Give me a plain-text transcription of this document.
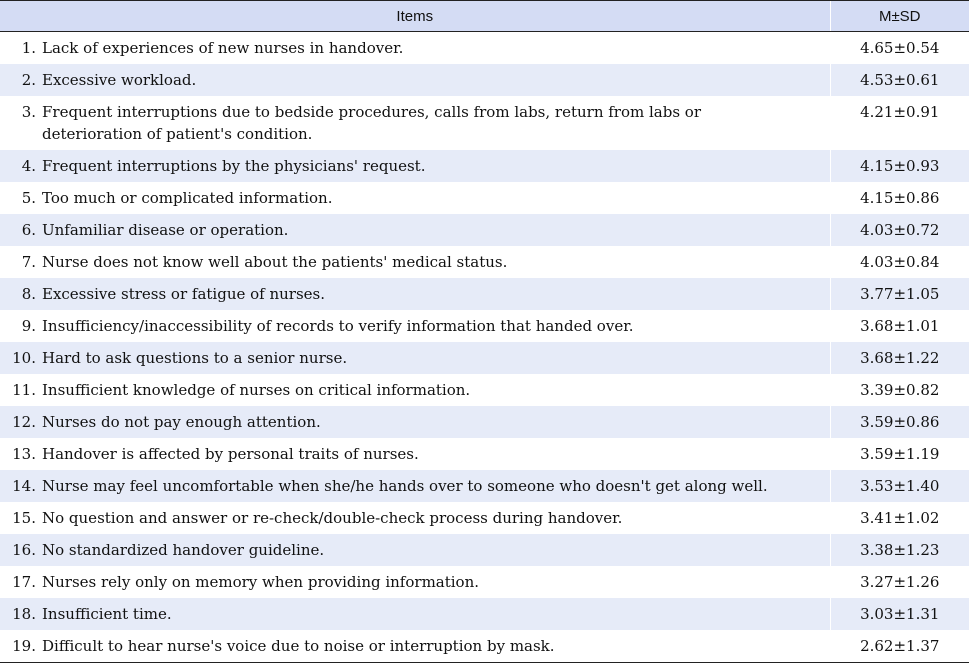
Items	M±SD

1. Lack of experiences of new nurses in handover.	4.65±0.54

2. Excessive workload.	4.53±0.61

3. Frequent interruptions due to bedside procedures, calls from labs, return from labs or deterioration of patient's condition.	4.21±0.91

4. Frequent interruptions by the physicians' request.	4.15±0.93

5. Too much or complicated information.	4.15±0.86

6. Unfamiliar disease or operation.	4.03±0.72

7. Nurse does not know well about the patients' medical status.	4.03±0.84

8. Excessive stress or fatigue of nurses.	3.77±1.05

9. Insufficiency/inaccessibility of records to verify information that handed over.	3.68±1.01

10. Hard to ask questions to a senior nurse.	3.68±1.22

11. Insufficient knowledge of nurses on critical information.	3.39±0.82

12. Nurses do not pay enough attention.	3.59±0.86

13. Handover is affected by personal traits of nurses.	3.59±1.19

14. Nurse may feel uncomfortable when she/he hands over to someone who doesn't get along well.	3.53±1.40

15. No question and answer or re-check/double-check process during handover.	3.41±1.02

16. No standardized handover guideline.	3.38±1.23

17. Nurses rely only on memory when providing information.	3.27±1.26

18. Insufficient time.	3.03±1.31

19. Difficult to hear nurse's voice due to noise or interruption by mask.	2.62±1.37
